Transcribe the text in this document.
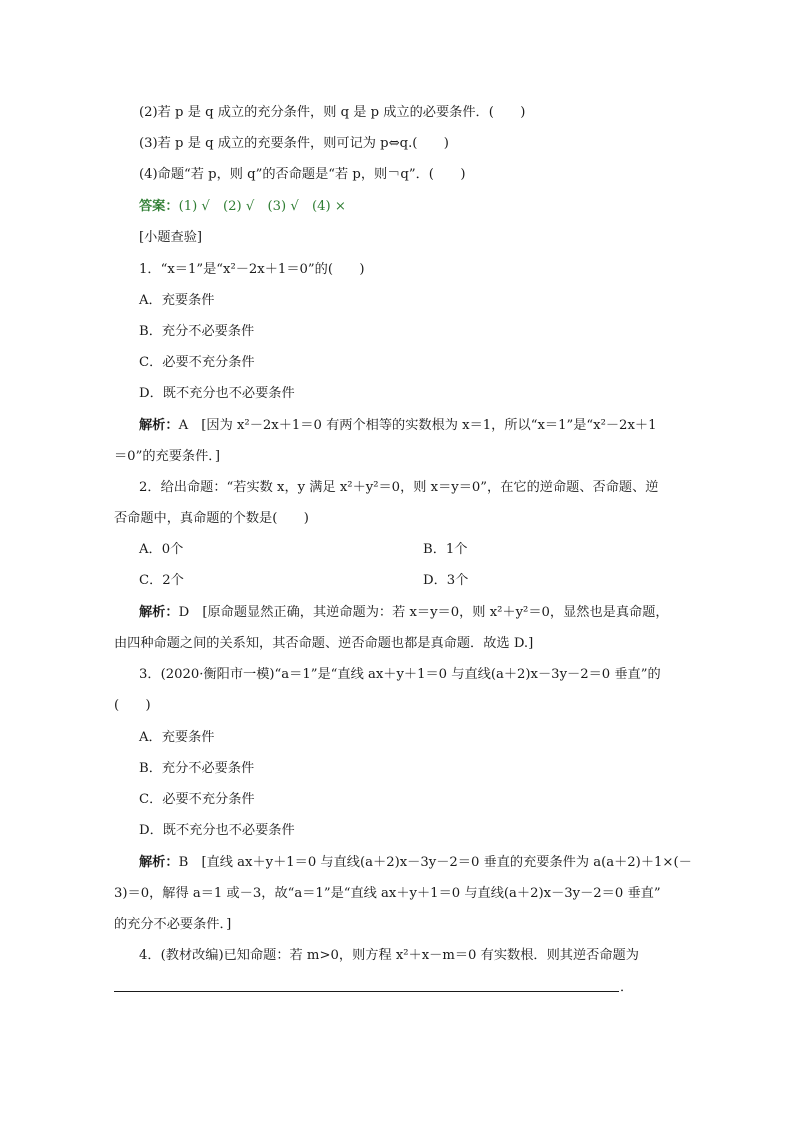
(2)若 p 是 q 成立的充分条件，则 q 是 p 成立的必要条件．(　　)
(3)若 p 是 q 成立的充要条件，则可记为 p⇔q.(　　)
(4)命题“若 p，则 q”的否命题是“若 p，则￢q”．(　　)
答案：(1) √　(2) √　(3) √　(4) ×
[小题查验]
1．“x＝1”是“x²－2x＋1＝0”的(　　)
A．充要条件
B．充分不必要条件
C．必要不充分条件
D．既不充分也不必要条件
解析：A　[因为 x²－2x＋1＝0 有两个相等的实数根为 x＝1，所以“x＝1”是“x²－2x＋1
＝0”的充要条件．]
2．给出命题：“若实数 x，y 满足 x²＋y²＝0，则 x＝y＝0”，在它的逆命题、否命题、逆
否命题中，真命题的个数是(　　)
A．0个	B．1个
C．2个	D．3个
解析：D　[原命题显然正确，其逆命题为：若 x＝y＝0，则 x²＋y²＝0，显然也是真命题，
由四种命题之间的关系知，其否命题、逆否命题也都是真命题．故选 D.]
3．(2020·衡阳市一模)“a＝1”是“直线 ax＋y＋1＝0 与直线(a＋2)x－3y－2＝0 垂直”的
(　　)
A．充要条件
B．充分不必要条件
C．必要不充分条件
D．既不充分也不必要条件
解析：B　[直线 ax＋y＋1＝0 与直线(a＋2)x－3y－2＝0 垂直的充要条件为 a(a＋2)＋1×(－
3)＝0，解得 a＝1 或－3，故“a＝1”是“直线 ax＋y＋1＝0 与直线(a＋2)x－3y－2＝0 垂直”
的充分不必要条件．]
4．(教材改编)已知命题：若 m>0，则方程 x²＋x－m＝0 有实数根．则其逆否命题为
．
